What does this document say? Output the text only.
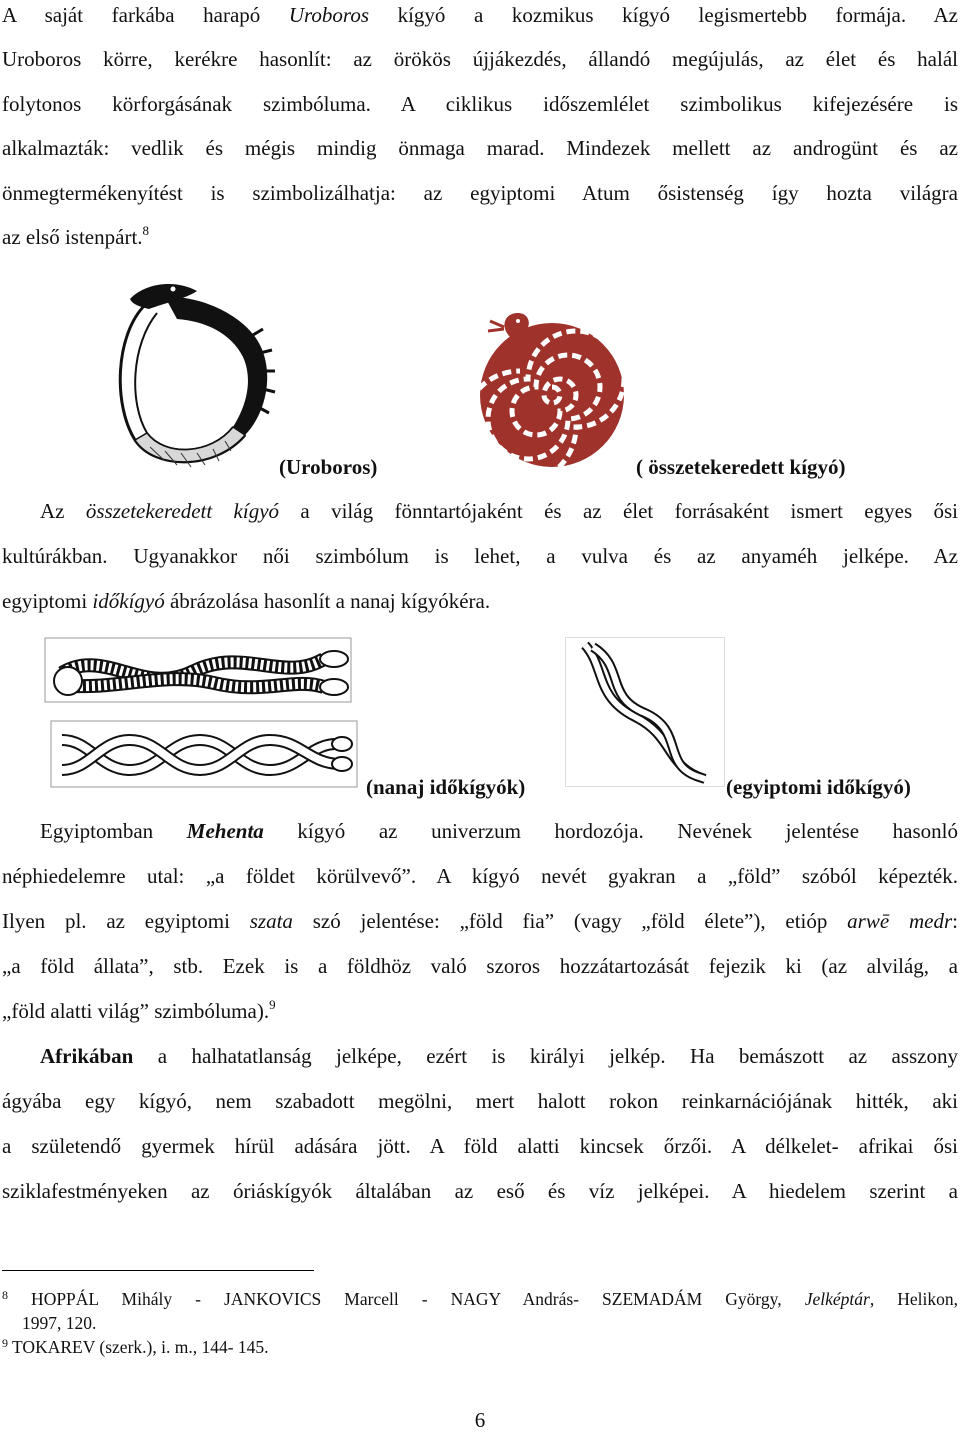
A saját farkába harapó Uroboros kígyó a kozmikus kígyó legismertebb formája. Az
Uroboros körre, kerékre hasonlít: az örökös újjákezdés, állandó megújulás, az élet és halál
folytonos körforgásának szimbóluma. A ciklikus időszemlélet szimbolikus kifejezésére is
alkalmazták: vedlik és mégis mindig önmaga marad. Mindezek mellett az androgünt és az
önmegtermékenyítést is szimbolizálhatja: az egyiptomi Atum ősistenség így hozta világra
az első istenpárt.$^8$
(Uroboros)	( összetekeredett kígyó)
Az összetekeredett kígyó a világ fönntartójaként és az élet forrásaként ismert egyes ősi
kultúrákban. Ugyanakkor női szimbólum is lehet, a vulva és az anyaméh jelképe. Az
egyiptomi időkígyó ábrázolása hasonlít a nanaj kígyókéra.
(nanaj időkígyók)	(egyiptomi időkígyó)
Egyiptomban Mehenta kígyó az univerzum hordozója. Nevének jelentése hasonló
néphiedelemre utal: „a földet körülvevő”. A kígyó nevét gyakran a „föld” szóból képezték.
Ilyen pl. az egyiptomi szata szó jelentése: „föld fia” (vagy „föld élete”), etióp arwē medr:
„a föld állata”, stb. Ezek is a földhöz való szoros hozzátartozását fejezik ki (az alvilág, a
„föld alatti világ” szimbóluma).$^9$
Afrikában a halhatatlanság jelképe, ezért is királyi jelkép. Ha bemászott az asszony
ágyába egy kígyó, nem szabadott megölni, mert halott rokon reinkarnációjának hitték, aki
a születendő gyermek hírül adására jött. A föld alatti kincsek őrzői. A délkelet- afrikai ősi
sziklafestményeken az óriáskígyók általában az eső és víz jelképei. A hiedelem szerint a
$^8$ HOPPÁL Mihály - JANKOVICS Marcell - NAGY András- SZEMADÁM György, Jelképtár, Helikon,
1997, 120.
$^9$ TOKAREV (szerk.), i. m., 144- 145.
6
